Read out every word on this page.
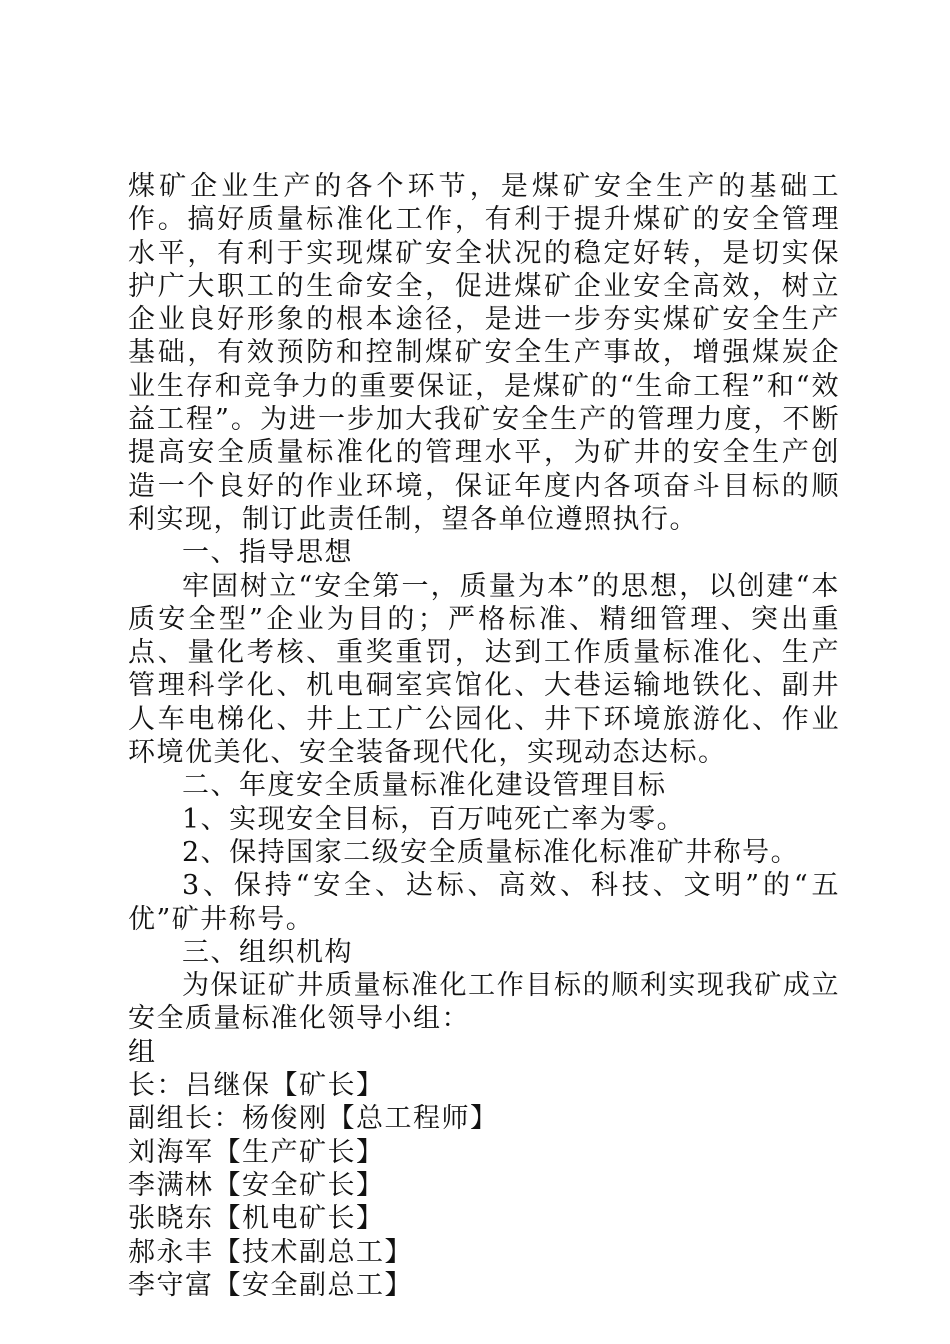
煤矿企业生产的各个环节，是煤矿安全生产的基础工作。搞好质量标准化工作，有利于提升煤矿的安全管理水平，有利于实现煤矿安全状况的稳定好转，是切实保护广大职工的生命安全，促进煤矿企业安全高效，树立企业良好形象的根本途径，是进一步夯实煤矿安全生产基础，有效预防和控制煤矿安全生产事故，增强煤炭企业生存和竞争力的重要保证，是煤矿的“生命工程”和“效益工程”。为进一步加大我矿安全生产的管理力度，不断提高安全质量标准化的管理水平，为矿井的安全生产创造一个良好的作业环境，保证年度内各项奋斗目标的顺利实现，制订此责任制，望各单位遵照执行。

一、指导思想

牢固树立“安全第一，质量为本”的思想，以创建“本质安全型”企业为目的；严格标准、精细管理、突出重点、量化考核、重奖重罚，达到工作质量标准化、生产管理科学化、机电硐室宾馆化、大巷运输地铁化、副井人车电梯化、井上工广公园化、井下环境旅游化、作业环境优美化、安全装备现代化，实现动态达标。

二、年度安全质量标准化建设管理目标

1、实现安全目标，百万吨死亡率为零。

2、保持国家二级安全质量标准化标准矿井称号。

3、保持“安全、达标、高效、科技、文明”的“五优”矿井称号。

三、组织机构

为保证矿井质量标准化工作目标的顺利实现我矿成立安全质量标准化领导小组：

组

长：吕继保【矿长】

副组长：杨俊刚【总工程师】

刘海军【生产矿长】

李满林【安全矿长】

张晓东【机电矿长】

郝永丰【技术副总工】

李守富【安全副总工】
